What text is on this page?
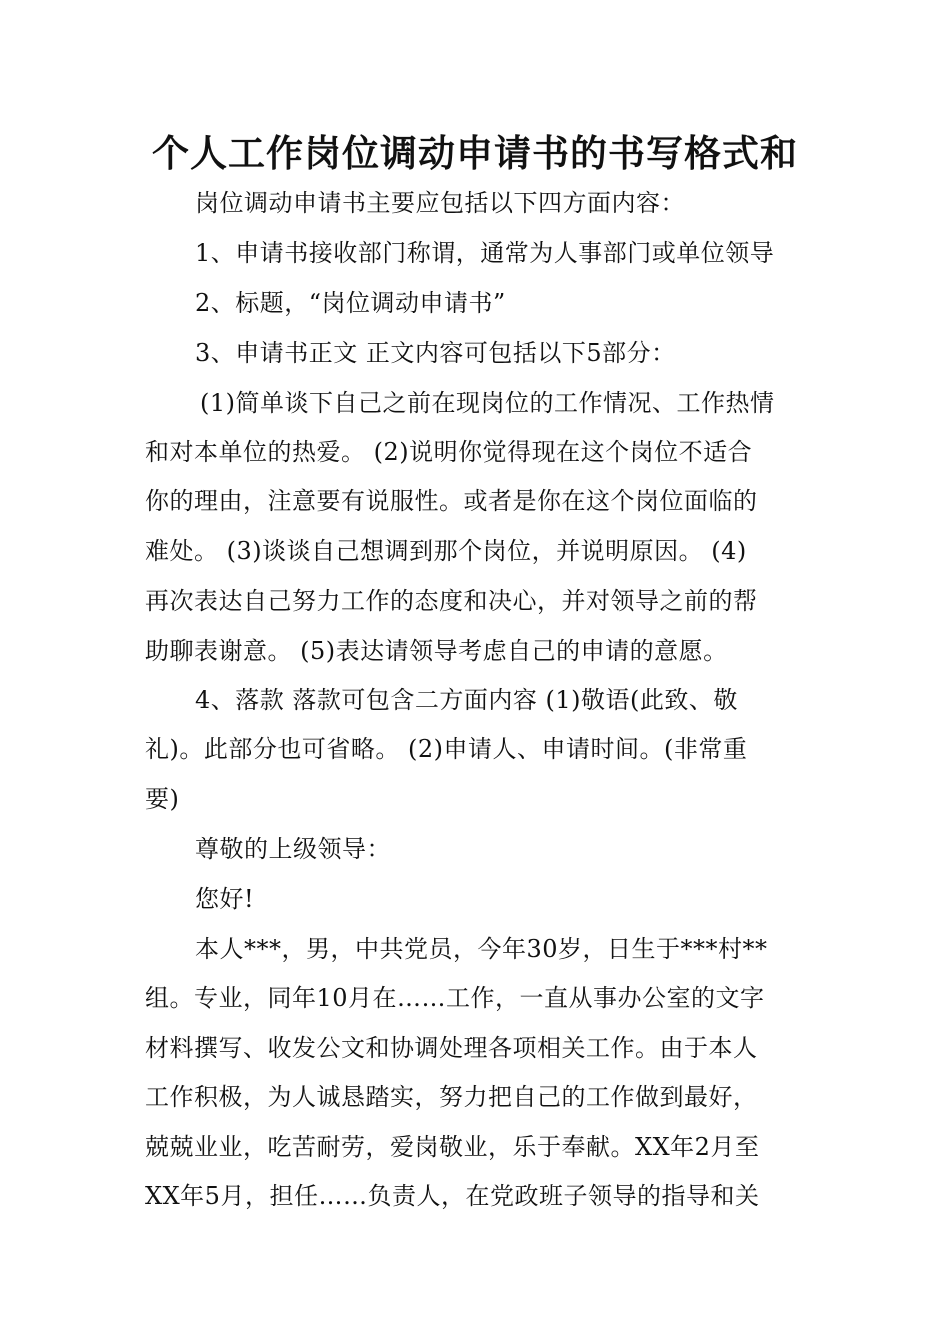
个人工作岗位调动申请书的书写格式和
岗位调动申请书主要应包括以下四方面内容：
1、申请书接收部门称谓，通常为人事部门或单位领导
2、标题，“岗位调动申请书”
3、申请书正文 正文内容可包括以下5部分：
(1)简单谈下自己之前在现岗位的工作情况、工作热情
和对本单位的热爱。 (2)说明你觉得现在这个岗位不适合
你的理由，注意要有说服性。或者是你在这个岗位面临的
难处。 (3)谈谈自己想调到那个岗位，并说明原因。 (4)
再次表达自己努力工作的态度和决心，并对领导之前的帮
助聊表谢意。 (5)表达请领导考虑自己的申请的意愿。
4、落款 落款可包含二方面内容 (1)敬语(此致、敬
礼)。此部分也可省略。 (2)申请人、申请时间。(非常重
要)
尊敬的上级领导：
您好!
本人***，男，中共党员，今年30岁，日生于***村**
组。专业，同年10月在……工作，一直从事办公室的文字
材料撰写、收发公文和协调处理各项相关工作。由于本人
工作积极，为人诚恳踏实，努力把自己的工作做到最好，
兢兢业业，吃苦耐劳，爱岗敬业，乐于奉献。XX年2月至
XX年5月，担任……负责人，在党政班子领导的指导和关
